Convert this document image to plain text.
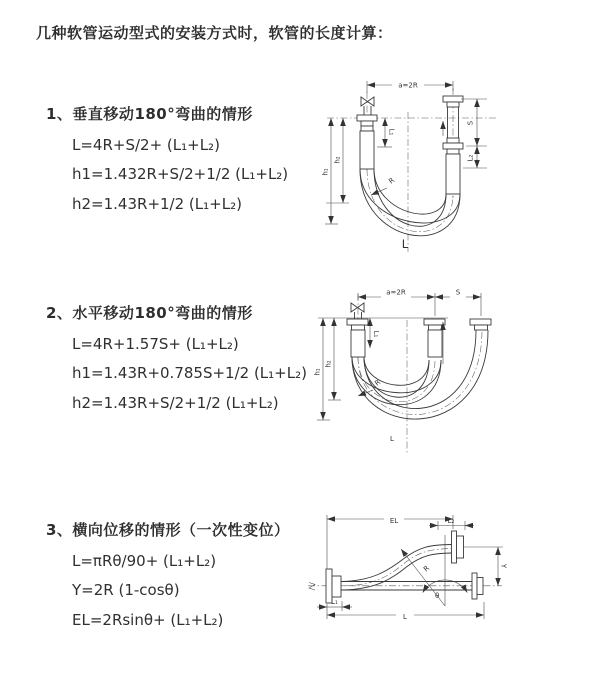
几种软管运动型式的安装方式时，软管的长度计算：
1、垂直移动180°弯曲的情形
L=4R+S/2+ (L₁+L₂)
h1=1.432R+S/2+1/2 (L₁+L₂)
h2=1.43R+1/2 (L₁+L₂)
2、水平移动180°弯曲的情形
L=4R+1.57S+ (L₁+L₂)
h1=1.43R+0.785S+1/2 (L₁+L₂)
h2=1.43R+S/2+1/2 (L₁+L₂)
3、横向位移的情形（一次性变位）
L=πRθ/90+ (L₁+L₂)
Y=2R (1-cosθ)
EL=2Rsinθ+ (L₁+L₂)
a=2R
S
L₂
L₁
h₂
h₁
R
L
a=2R	S
h₁
h₂
L₁
R
L
θ
R
EL	L₂
Y
L
L₁
